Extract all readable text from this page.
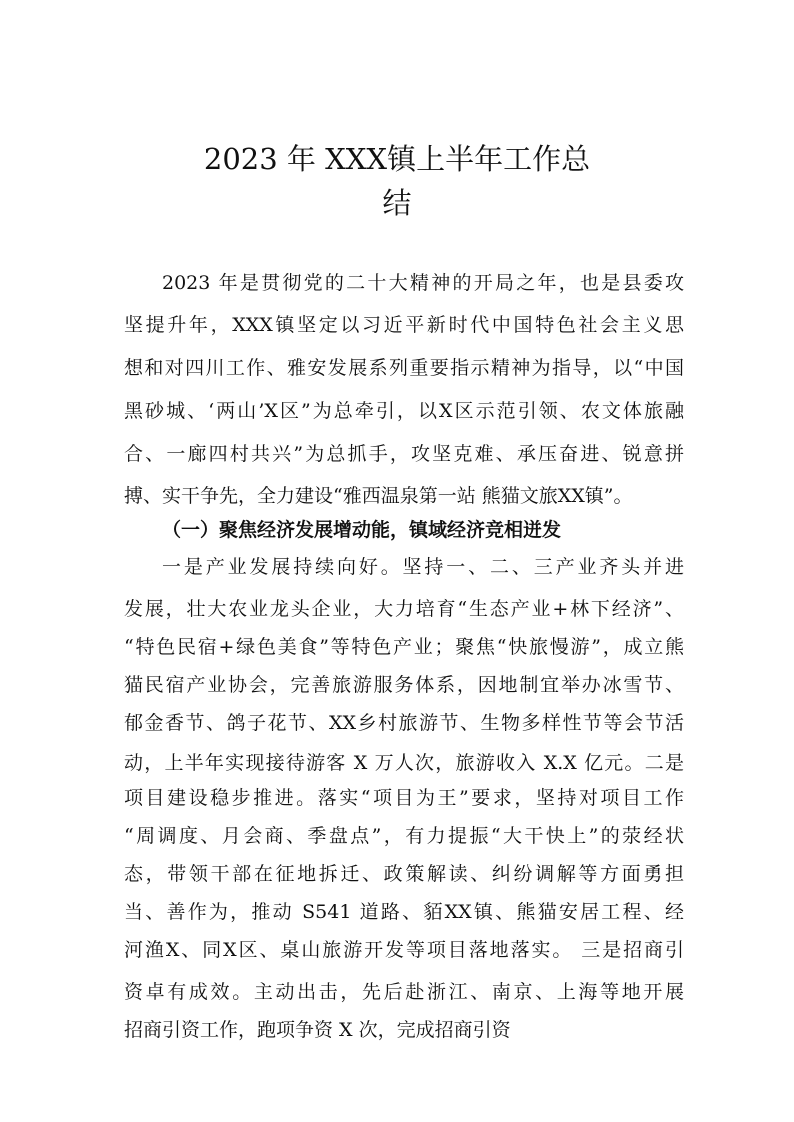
2023 年 XXX镇上半年工作总
结
2023 年是贯彻党的二十大精神的开局之年，也是县委攻
坚提升年，XXX镇坚定以习近平新时代中国特色社会主义思
想和对四川工作、雅安发展系列重要指示精神为指导，以“中国
黑砂城、‘两山’X区”为总牵引，以X区示范引领、农文体旅融
合、一廊四村共兴”为总抓手，攻坚克难、承压奋进、锐意拼
搏、实干争先，全力建设“雅西温泉第一站 熊猫文旅XX镇”。
（一）聚焦经济发展增动能，镇域经济竞相迸发
一是产业发展持续向好。坚持一、二、三产业齐头并进
发展，壮大农业龙头企业，大力培育“生态产业+林下经济”、
“特色民宿+绿色美食”等特色产业；聚焦“快旅慢游”，成立熊
猫民宿产业协会，完善旅游服务体系，因地制宜举办冰雪节、
郁金香节、鸽子花节、XX乡村旅游节、生物多样性节等会节活
动，上半年实现接待游客 X 万人次，旅游收入 X.X 亿元。二是
项目建设稳步推进。落实“项目为王”要求，坚持对项目工作
“周调度、月会商、季盘点”，有力提振“大干快上”的荥经状
态，带领干部在征地拆迁、政策解读、纠纷调解等方面勇担
当、善作为，推动 S541 道路、貊XX镇、熊猫安居工程、经
河渔X、同X区、桌山旅游开发等项目落地落实。 三是招商引
资卓有成效。主动出击，先后赴浙江、南京、上海等地开展
招商引资工作，跑项争资 X 次，完成招商引资
